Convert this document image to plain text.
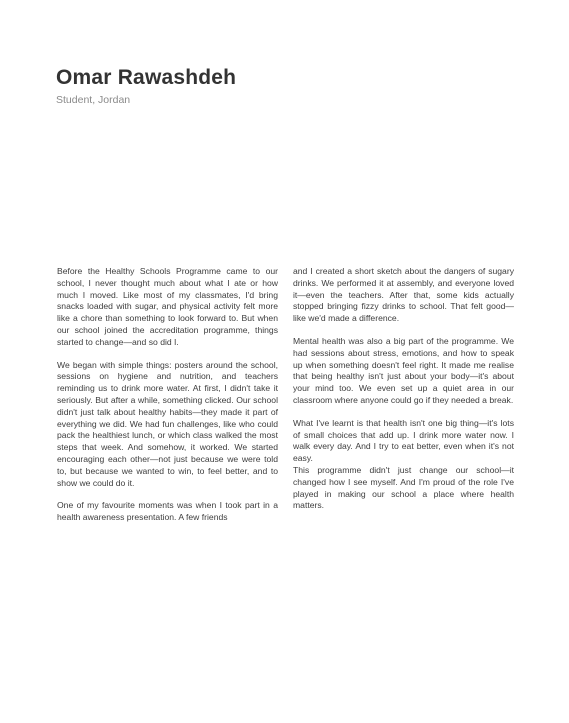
Omar Rawashdeh
Student, Jordan

Before the Healthy Schools Programme came to our school, I never thought much about what I ate or how much I moved. Like most of my classmates, I'd bring snacks loaded with sugar, and physical activity felt more like a chore than something to look forward to. But when our school joined the accreditation programme, things started to change—and so did I.

We began with simple things: posters around the school, sessions on hygiene and nutrition, and teachers reminding us to drink more water. At first, I didn't take it seriously. But after a while, something clicked. Our school didn't just talk about healthy habits—they made it part of everything we did. We had fun challenges, like who could pack the healthiest lunch, or which class walked the most steps that week. And somehow, it worked. We started encouraging each other—not just because we were told to, but because we wanted to win, to feel better, and to show we could do it.

One of my favourite moments was when I took part in a health awareness presentation. A few friends

and I created a short sketch about the dangers of sugary drinks. We performed it at assembly, and everyone loved it—even the teachers. After that, some kids actually stopped bringing fizzy drinks to school. That felt good—like we'd made a difference.

Mental health was also a big part of the programme. We had sessions about stress, emotions, and how to speak up when something doesn't feel right. It made me realise that being healthy isn't just about your body—it's about your mind too. We even set up a quiet area in our classroom where anyone could go if they needed a break.

What I've learnt is that health isn't one big thing—it's lots of small choices that add up. I drink more water now. I walk every day. And I try to eat better, even when it's not easy.

This programme didn't just change our school—it changed how I see myself. And I'm proud of the role I've played in making our school a place where health matters.
